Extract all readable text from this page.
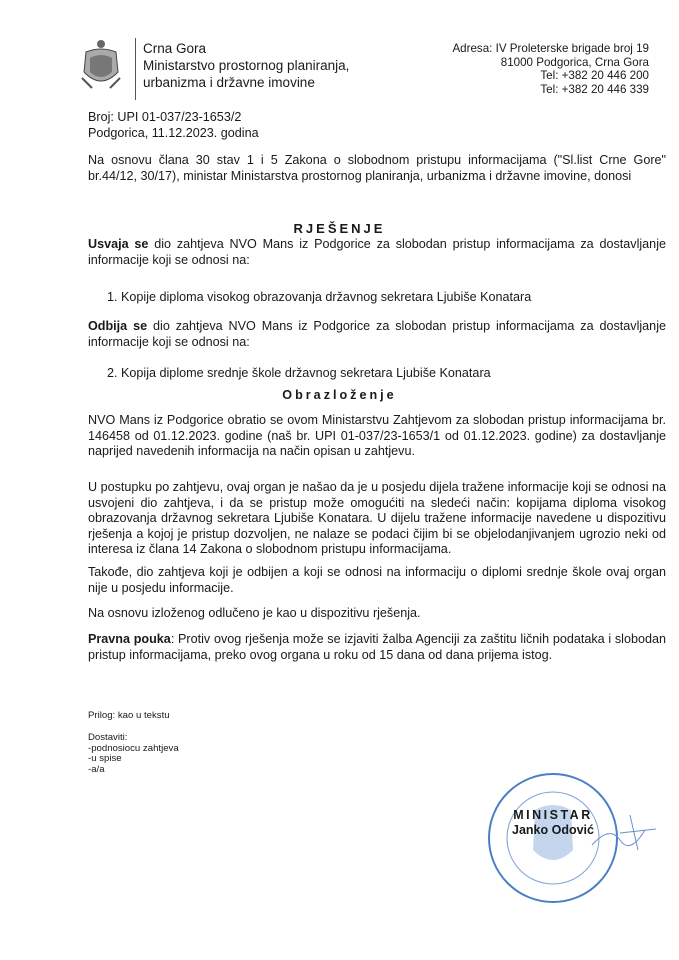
Crna Gora
Ministarstvo prostornog planiranja,
urbanizma i državne imovine
Adresa: IV Proleterske brigade broj 19
81000 Podgorica, Crna Gora
Tel: +382 20 446 200
Tel: +382 20 446 339
Broj: UPI 01-037/23-1653/2
Podgorica, 11.12.2023. godina
Na osnovu člana 30 stav 1 i 5 Zakona o slobodnom pristupu informacijama ("Sl.list Crne Gore" br.44/12, 30/17), ministar Ministarstva prostornog planiranja, urbanizma i državne imovine, donosi
RJEŠENJE
Usvaja se dio zahtjeva NVO Mans iz Podgorice za slobodan pristup informacijama za dostavljanje informacije koji se odnosi na:
1. Kopije diploma visokog obrazovanja državnog sekretara Ljubiše Konatara
Odbija se dio zahtjeva NVO Mans iz Podgorice za slobodan pristup informacijama za dostavljanje informacije koji se odnosi na:
2. Kopija diplome srednje škole državnog sekretara Ljubiše Konatara
Obrazloženje
NVO Mans iz Podgorice obratio se ovom Ministarstvu Zahtjevom za slobodan pristup informacijama br. 146458 od 01.12.2023. godine (naš br. UPI 01-037/23-1653/1 od 01.12.2023. godine) za dostavljanje naprijed navedenih informacija na način opisan u zahtjevu.
U postupku po zahtjevu, ovaj organ je našao da je u posjedu dijela tražene informacije koji se odnosi na usvojeni dio zahtjeva, i da se pristup može omogućiti na sledeći način: kopijama diploma visokog obrazovanja državnog sekretara Ljubiše Konatara. U dijelu tražene informacije navedene u dispozitivu rješenja a kojoj je pristup dozvoljen, ne nalaze se podaci čijim bi se objelodanjivanjem ugrozio neki od interesa iz člana 14 Zakona o slobodnom pristupu informacijama.
Takođe, dio zahtjeva koji je odbijen a koji se odnosi na informaciju o diplomi srednje škole ovaj organ nije u posjedu informacije.
Na osnovu izloženog odlučeno je kao u dispozitivu rješenja.
Pravna pouka: Protiv ovog rješenja može se izjaviti žalba Agenciji za zaštitu ličnih podataka i slobodan pristup informacijama, preko ovog organa u roku od 15 dana od dana prijema istog.
Prilog: kao u tekstu
Dostaviti:
-podnosiocu zahtjeva
-u spise
-a/a
MINISTAR
Janko Odović
